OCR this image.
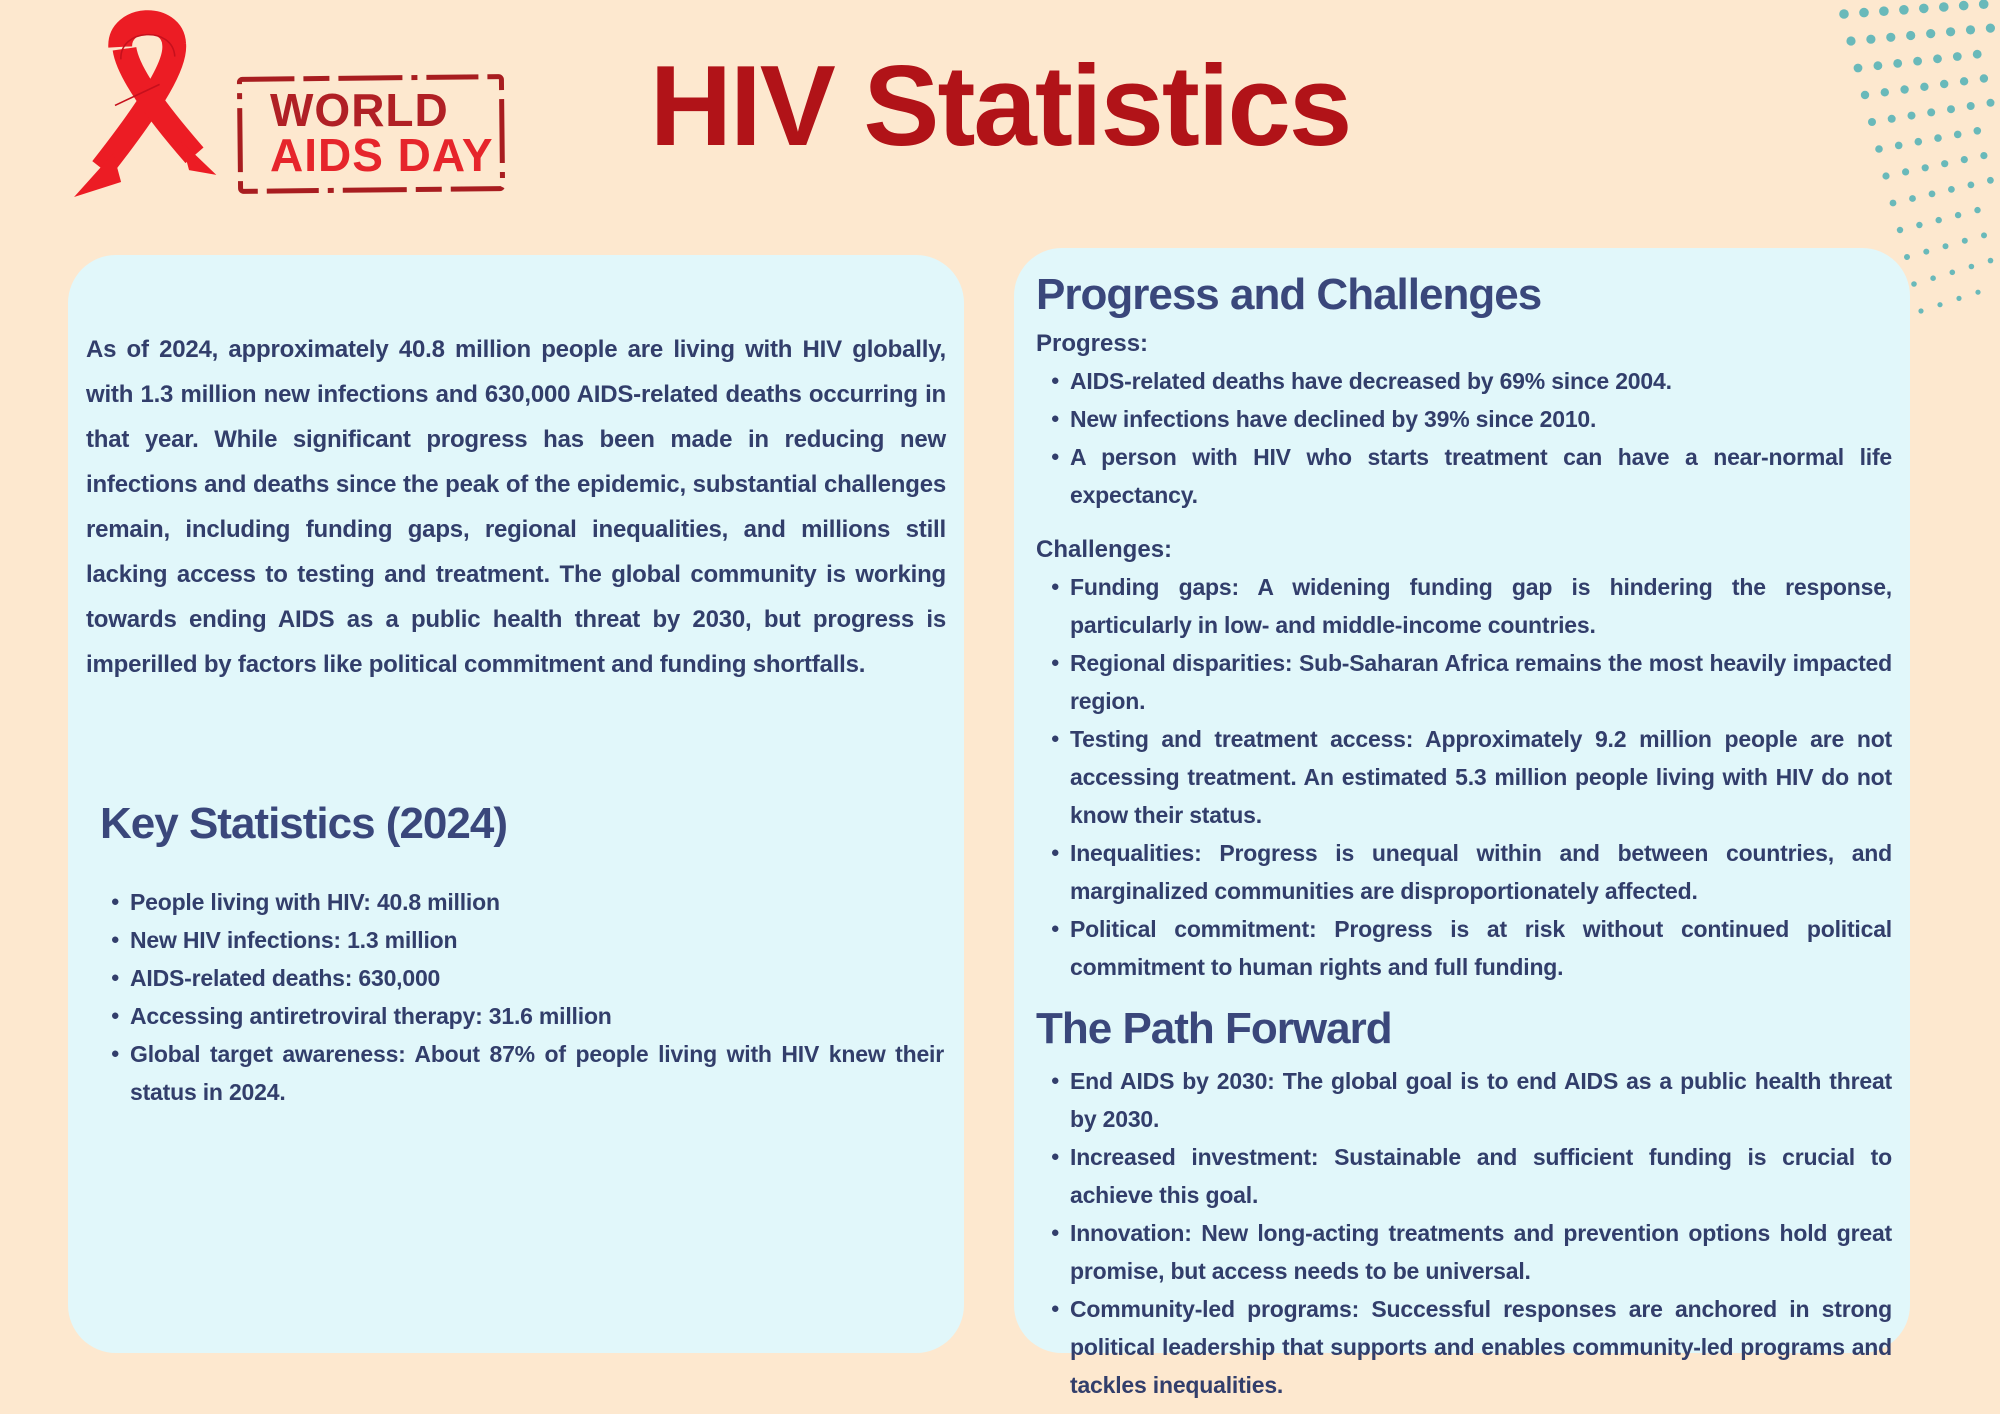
WORLD
AIDS DAY	HIV Statistics

As of 2024, approximately 40.8 million people are living with HIV globally, with 1.3 million new infections and 630,000 AIDS-related deaths occurring in that year. While significant progress has been made in reducing new infections and deaths since the peak of the epidemic, substantial challenges remain, including funding gaps, regional inequalities, and millions still lacking access to testing and treatment. The global community is working towards ending AIDS as a public health threat by 2030, but progress is imperilled by factors like political commitment and funding shortfalls.

Key Statistics (2024)
● People living with HIV: 40.8 million
● New HIV infections: 1.3 million
● AIDS-related deaths: 630,000
● Accessing antiretroviral therapy: 31.6 million
● Global target awareness: About 87% of people living with HIV knew their status in 2024.
Progress and Challenges
Progress:
● AIDS-related deaths have decreased by 69% since 2004.
● New infections have declined by 39% since 2010.
● A person with HIV who starts treatment can have a near-normal life expectancy.
Challenges:
● Funding gaps: A widening funding gap is hindering the response, particularly in low- and middle-income countries.
● Regional disparities: Sub-Saharan Africa remains the most heavily impacted region.
● Testing and treatment access: Approximately 9.2 million people are not accessing treatment. An estimated 5.3 million people living with HIV do not know their status.
● Inequalities: Progress is unequal within and between countries, and marginalized communities are disproportionately affected.
● Political commitment: Progress is at risk without continued political commitment to human rights and full funding.
The Path Forward
● End AIDS by 2030: The global goal is to end AIDS as a public health threat by 2030.
● Increased investment: Sustainable and sufficient funding is crucial to achieve this goal.
● Innovation: New long-acting treatments and prevention options hold great promise, but access needs to be universal.
● Community-led programs: Successful responses are anchored in strong political leadership that supports and enables community-led programs and tackles inequalities.
